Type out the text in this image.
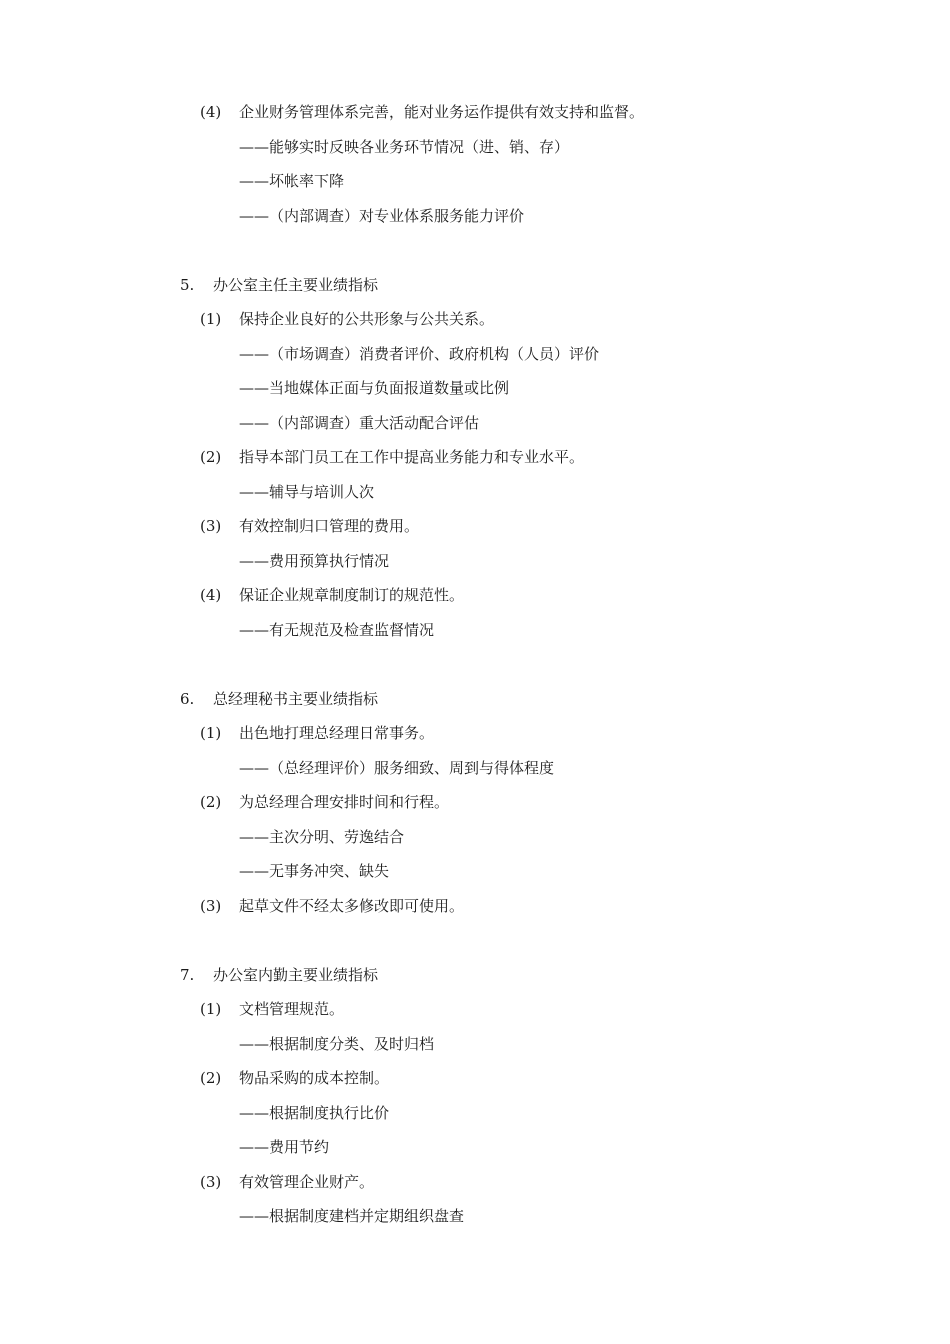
(4) 企业财务管理体系完善，能对业务运作提供有效支持和监督。
——能够实时反映各业务环节情况（进、销、存）
——坏帐率下降
——（内部调查）对专业体系服务能力评价
5. 办公室主任主要业绩指标
(1) 保持企业良好的公共形象与公共关系。
——（市场调查）消费者评价、政府机构（人员）评价
——当地媒体正面与负面报道数量或比例
——（内部调查）重大活动配合评估
(2) 指导本部门员工在工作中提高业务能力和专业水平。
——辅导与培训人次
(3) 有效控制归口管理的费用。
——费用预算执行情况
(4) 保证企业规章制度制订的规范性。
——有无规范及检查监督情况
6. 总经理秘书主要业绩指标
(1) 出色地打理总经理日常事务。
——（总经理评价）服务细致、周到与得体程度
(2) 为总经理合理安排时间和行程。
——主次分明、劳逸结合
——无事务冲突、缺失
(3) 起草文件不经太多修改即可使用。
7. 办公室内勤主要业绩指标
(1) 文档管理规范。
——根据制度分类、及时归档
(2) 物品采购的成本控制。
——根据制度执行比价
——费用节约
(3) 有效管理企业财产。
——根据制度建档并定期组织盘查
